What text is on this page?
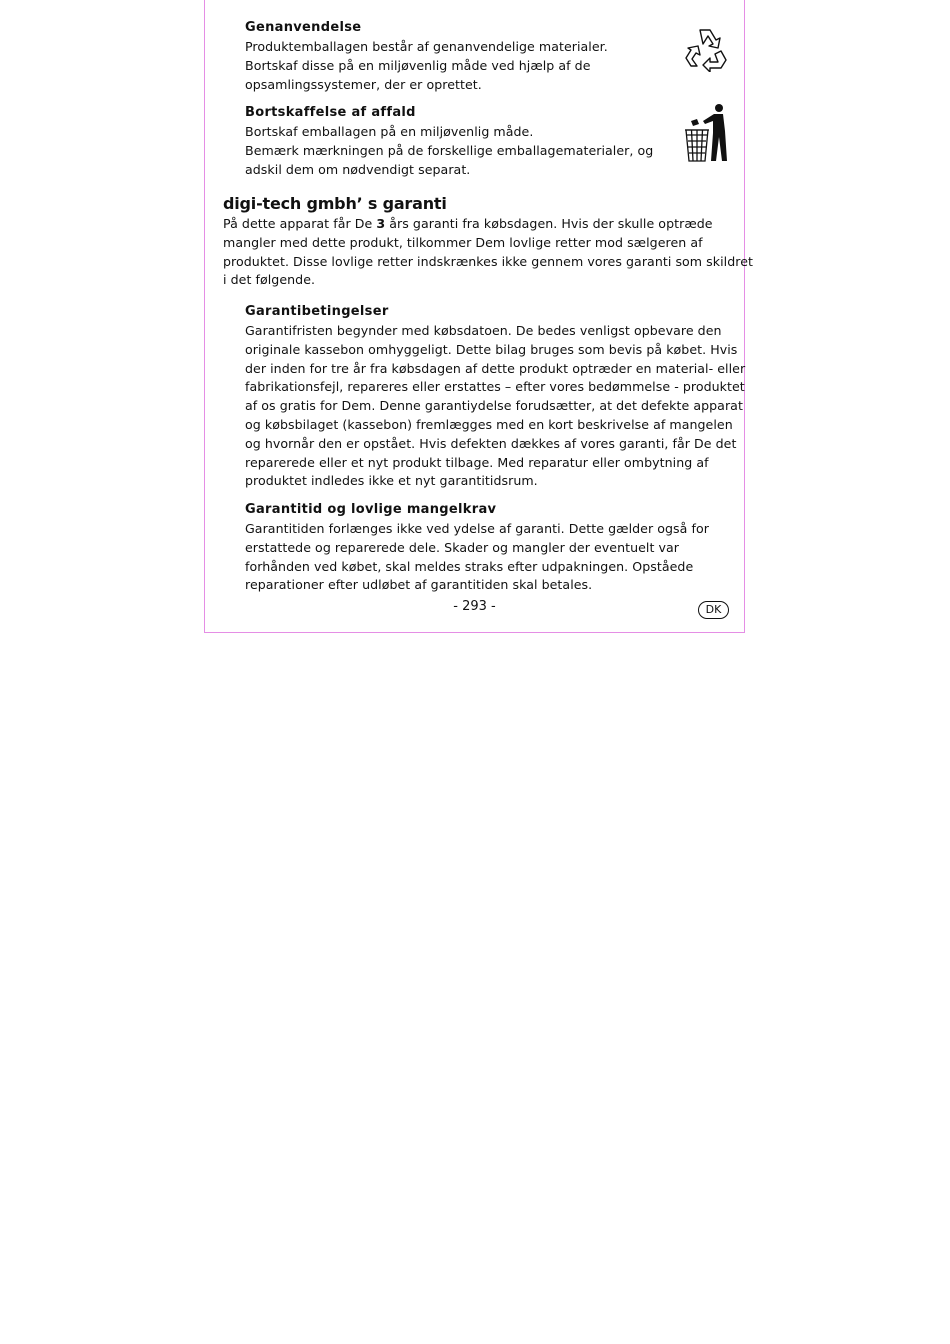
Genanvendelse
Produktemballagen består af genanvendelige materialer.
Bortskaf disse på en miljøvenlig måde ved hjælp af de
opsamlingssystemer, der er oprettet.
Bortskaffelse af affald
Bortskaf emballagen på en miljøvenlig måde.
Bemærk mærkningen på de forskellige emballagematerialer, og
adskil dem om nødvendigt separat.
digi-tech gmbh’ s garanti
På dette apparat får De 3 års garanti fra købsdagen. Hvis der skulle optræde
mangler med dette produkt, tilkommer Dem lovlige retter mod sælgeren af
produktet. Disse lovlige retter indskrænkes ikke gennem vores garanti som skildret
i det følgende.
Garantibetingelser
Garantifristen begynder med købsdatoen. De bedes venligst opbevare den
originale kassebon omhyggeligt. Dette bilag bruges som bevis på købet. Hvis
der inden for tre år fra købsdagen af dette produkt optræder en material- eller
fabrikationsfejl, repareres eller erstattes – efter vores bedømmelse - produktet
af os gratis for Dem. Denne garantiydelse forudsætter, at det defekte apparat
og købsbilaget (kassebon) fremlægges med en kort beskrivelse af mangelen
og hvornår den er opstået. Hvis defekten dækkes af vores garanti, får De det
reparerede eller et nyt produkt tilbage. Med reparatur eller ombytning af
produktet indledes ikke et nyt garantitidsrum.
Garantitid og lovlige mangelkrav
Garantitiden forlænges ikke ved ydelse af garanti. Dette gælder også for
erstattede og reparerede dele. Skader og mangler der eventuelt var
forhånden ved købet, skal meldes straks efter udpakningen. Opståede
reparationer efter udløbet af garantitiden skal betales.
- 293 -	DK
